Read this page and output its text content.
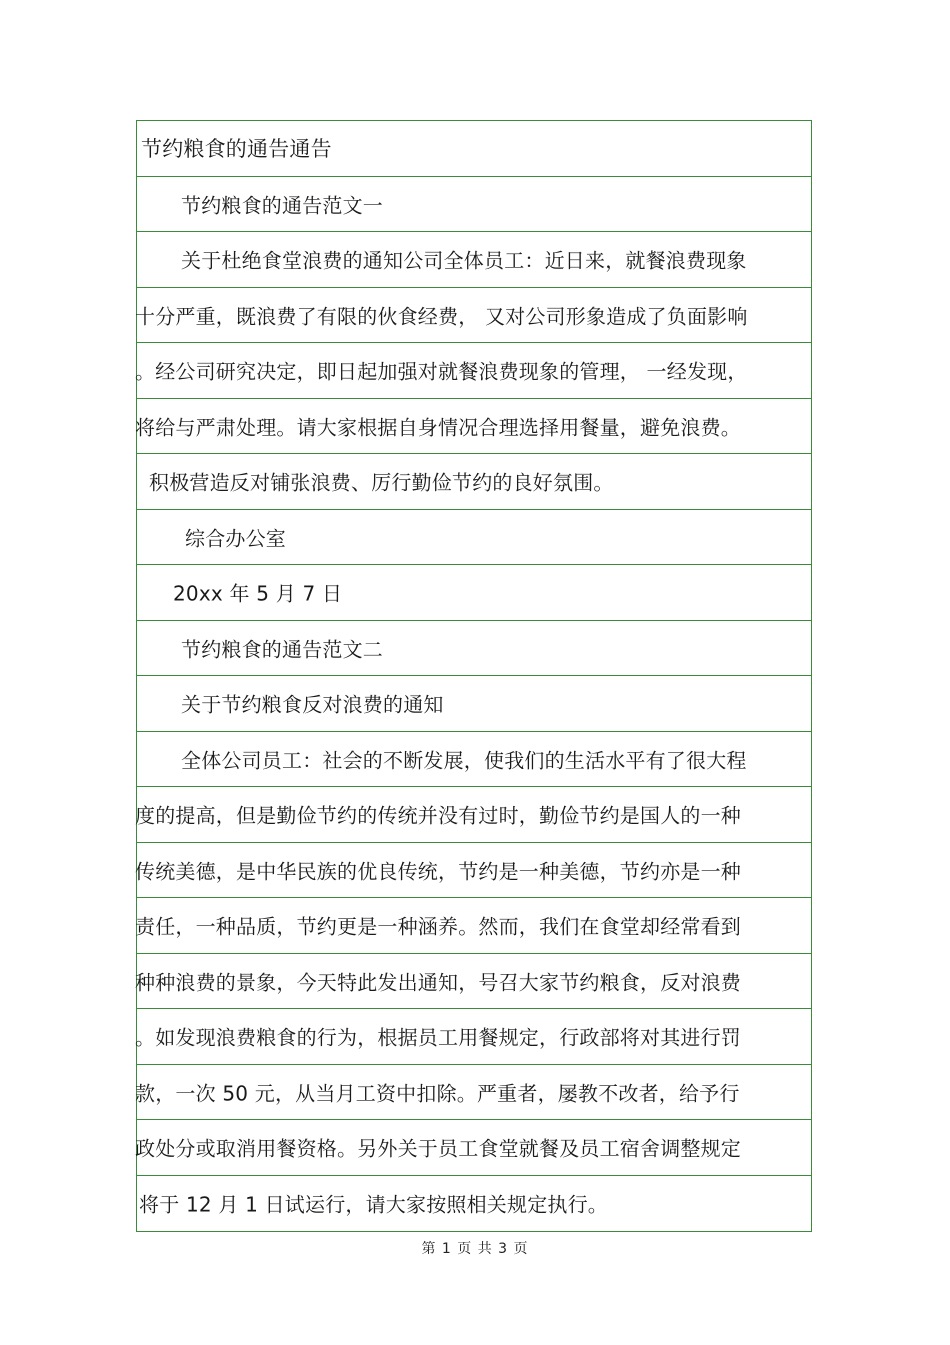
节约粮食的通告通告
节约粮食的通告范文一
关于杜绝食堂浪费的通知公司全体员工：近日来，就餐浪费现象
十分严重，既浪费了有限的伙食经费， 又对公司形象造成了负面影响
。经公司研究决定，即日起加强对就餐浪费现象的管理， 一经发现，
将给与严肃处理。请大家根据自身情况合理选择用餐量，避免浪费。
积极营造反对铺张浪费、厉行勤俭节约的良好氛围。
综合办公室
20xx 年 5 月 7 日
节约粮食的通告范文二
关于节约粮食反对浪费的通知
全体公司员工：社会的不断发展，使我们的生活水平有了很大程
度的提高，但是勤俭节约的传统并没有过时，勤俭节约是国人的一种
传统美德，是中华民族的优良传统，节约是一种美德，节约亦是一种
责任，一种品质，节约更是一种涵养。然而，我们在食堂却经常看到
种种浪费的景象，今天特此发出通知，号召大家节约粮食，反对浪费
。如发现浪费粮食的行为，根据员工用餐规定，行政部将对其进行罚
款，一次 50 元，从当月工资中扣除。严重者，屡教不改者，给予行
政处分或取消用餐资格。另外关于员工食堂就餐及员工宿舍调整规定
将于 12 月 1 日试运行，请大家按照相关规定执行。
第 1 页 共 3 页
